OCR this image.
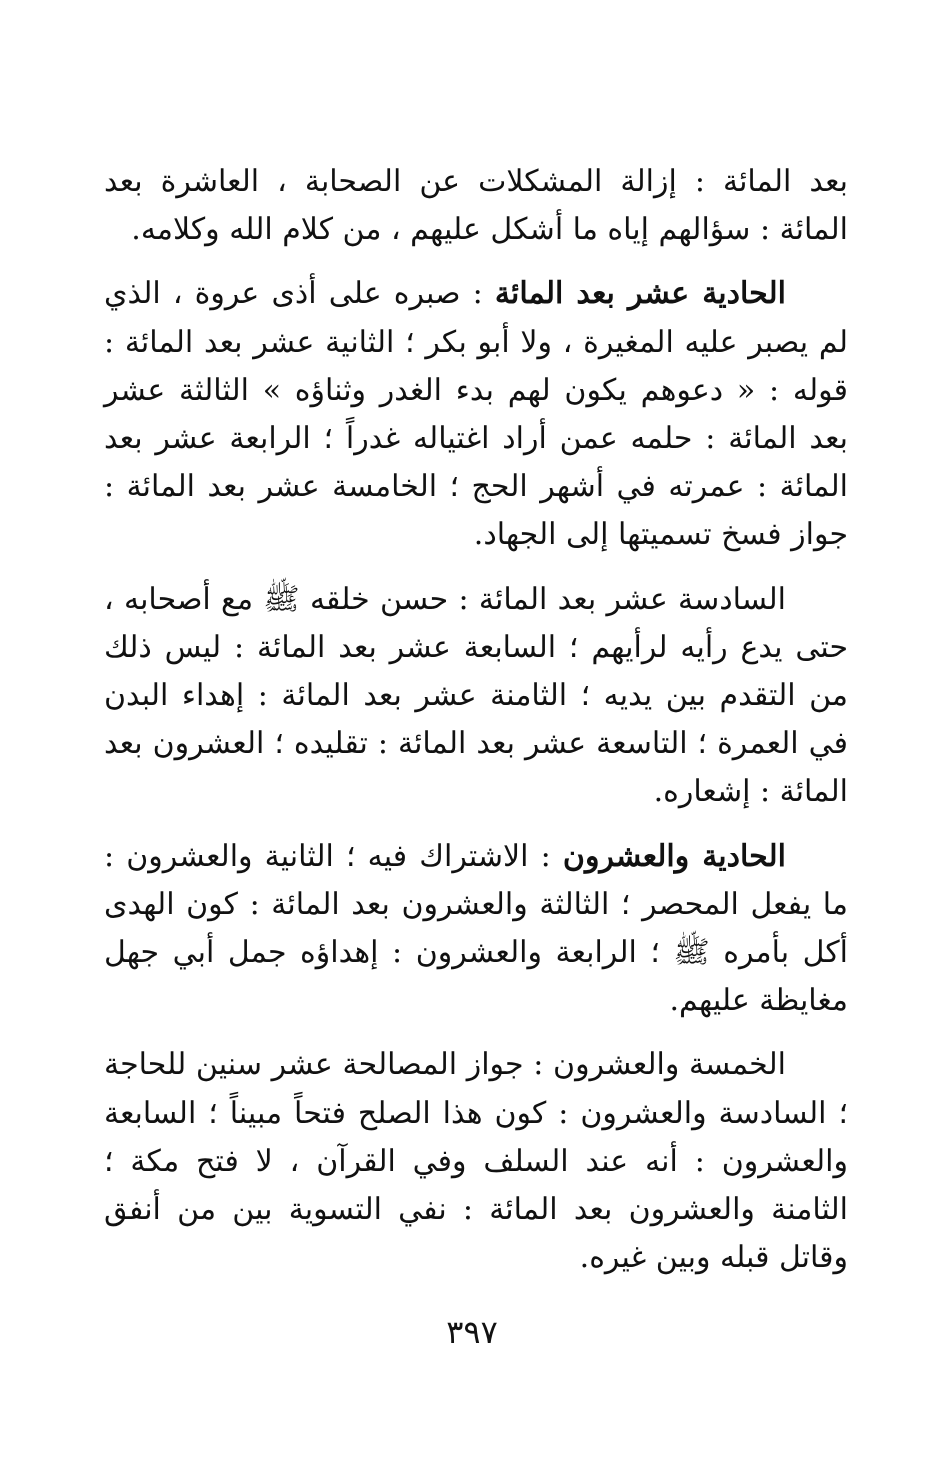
بعد المائة : إزالة المشكلات عن الصحابة ، العاشرة بعد المائة : سؤالهم إياه ما أشكل عليهم ، من كلام الله وكلامه.

الحادية عشر بعد المائة : صبره على أذى عروة ، الذي لم يصبر عليه المغيرة ، ولا أبو بكر ؛ الثانية عشر بعد المائة : قوله : « دعوهم يكون لهم بدء الغدر وثناؤه » الثالثة عشر بعد المائة : حلمه عمن أراد اغتياله غدراً ؛ الرابعة عشر بعد المائة : عمرته في أشهر الحج ؛ الخامسة عشر بعد المائة : جواز فسخ تسميتها إلى الجهاد.

السادسة عشر بعد المائة : حسن خلقه ﷺ مع أصحابه ، حتى يدع رأيه لرأيهم ؛ السابعة عشر بعد المائة : ليس ذلك من التقدم بين يديه ؛ الثامنة عشر بعد المائة : إهداء البدن في العمرة ؛ التاسعة عشر بعد المائة : تقليده ؛ العشرون بعد المائة : إشعاره.

الحادية والعشرون : الاشتراك فيه ؛ الثانية والعشرون : ما يفعل المحصر ؛ الثالثة والعشرون بعد المائة : كون الهدى أكل بأمره ﷺ ؛ الرابعة والعشرون : إهداؤه جمل أبي جهل مغايظة عليهم.

الخمسة والعشرون : جواز المصالحة عشر سنين للحاجة ؛ السادسة والعشرون : كون هذا الصلح فتحاً مبيناً ؛ السابعة والعشرون : أنه عند السلف وفي القرآن ، لا فتح مكة ؛ الثامنة والعشرون بعد المائة : نفي التسوية بين من أنفق وقاتل قبله وبين غيره.

٣٩٧
